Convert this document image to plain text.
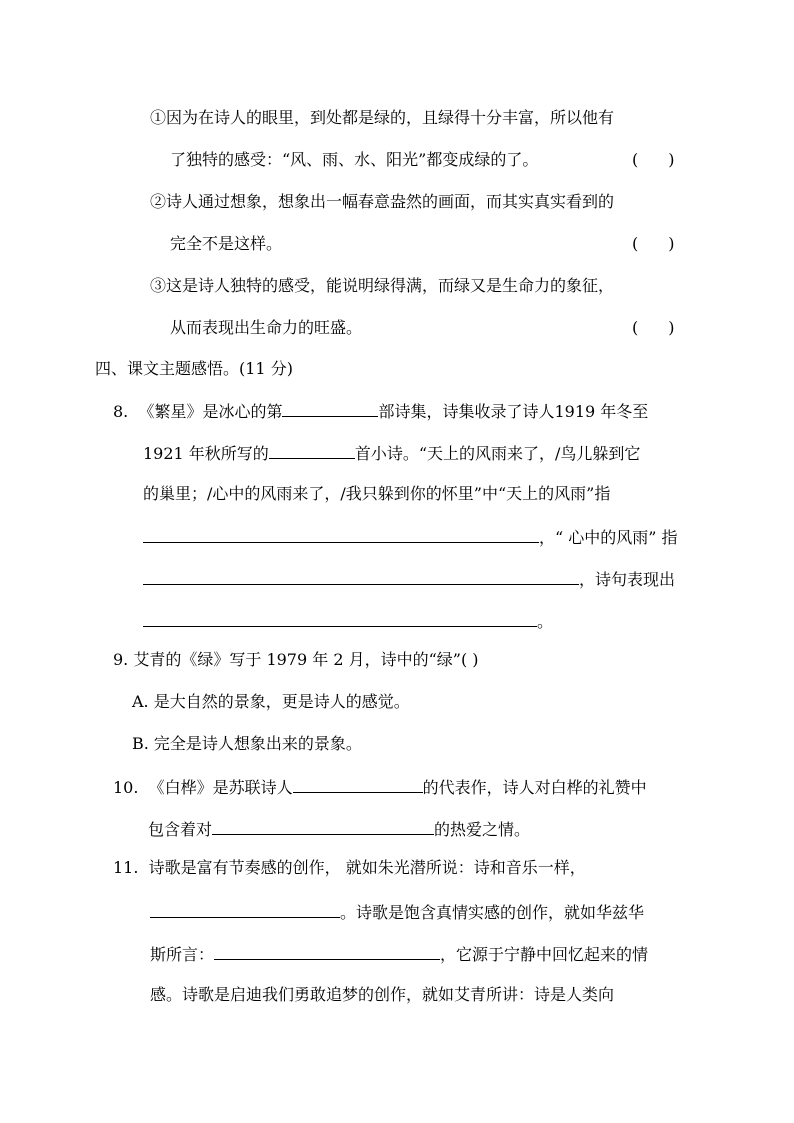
①因为在诗人的眼里，到处都是绿的，且绿得十分丰富，所以他有
了独特的感受：“风、雨、水、阳光”都变成绿的了。	( )
②诗人通过想象，想象出一幅春意盎然的画面，而其实真实看到的
完全不是这样。	( )
③这是诗人独特的感受，能说明绿得满，而绿又是生命力的象征，
从而表现出生命力的旺盛。	( )
四、课文主题感悟。(11 分)
8. 《繁星》是冰心的第	部诗集，诗集收录了诗人1919 年冬至
1921 年秋所写的	首小诗。“天上的风雨来了，/鸟儿躲到它
的巢里；/心中的风雨来了，/我只躲到你的怀里”中“天上的风雨”指
，“ 心中的风雨” 指
，诗句表现出
。
9. 艾青的《绿》写于 1979 年 2 月，诗中的“绿”( )
A. 是大自然的景象，更是诗人的感觉。
B. 完全是诗人想象出来的景象。
10. 《白桦》是苏联诗人	的代表作，诗人对白桦的礼赞中
包含着对	的热爱之情。
11. 诗歌是富有节奏感的创作， 就如朱光潜所说：诗和音乐一样，
。诗歌是饱含真情实感的创作，就如华兹华
斯所言：	，它源于宁静中回忆起来的情
感。诗歌是启迪我们勇敢追梦的创作，就如艾青所讲：诗是人类向
